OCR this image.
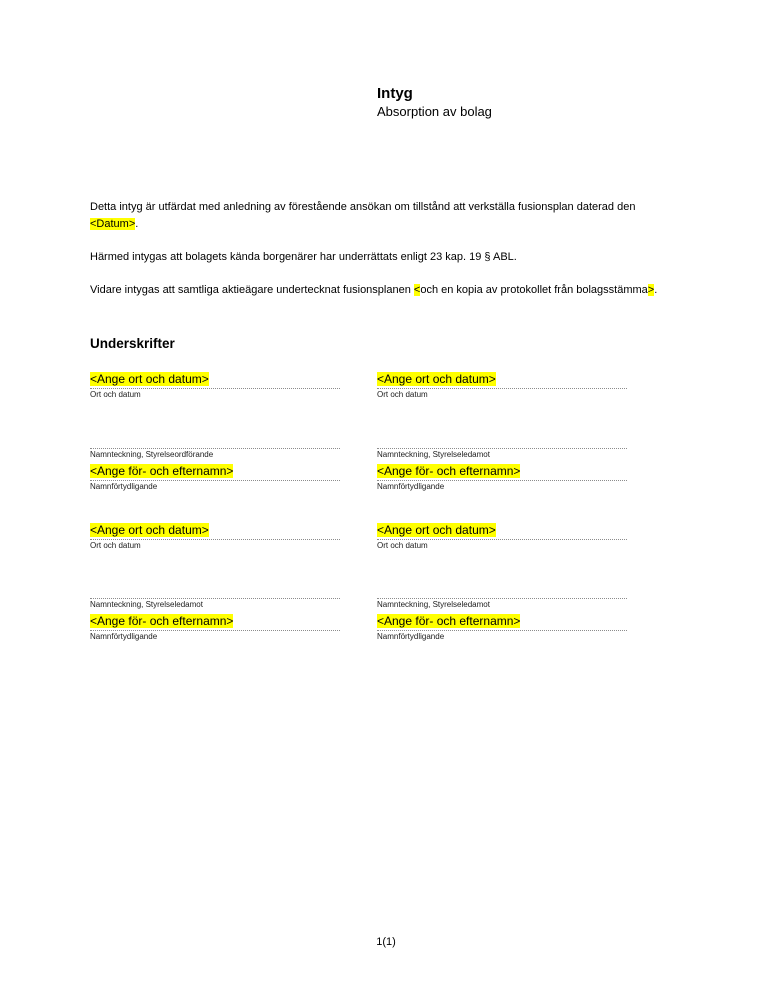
Intyg
Absorption av bolag
Detta intyg är utfärdat med anledning av förestående ansökan om tillstånd att verkställa fusionsplan daterad den <Datum>.
Härmed intygas att bolagets kända borgenärer har underrättats enligt 23 kap. 19 § ABL.
Vidare intygas att samtliga aktieägare undertecknat fusionsplanen <och en kopia av protokollet från bolagsstämma>.
Underskrifter
<Ange ort och datum>
Ort och datum
<Ange ort och datum>
Ort och datum
Namnteckning, Styrelseordförande
<Ange för- och efternamn>
Namnförtydligande
Namnteckning, Styrelseledamot
<Ange för- och efternamn>
Namnförtydligande
<Ange ort och datum>
Ort och datum
<Ange ort och datum>
Ort och datum
Namnteckning, Styrelseledamot
<Ange för- och efternamn>
Namnförtydligande
Namnteckning, Styrelseledamot
<Ange för- och efternamn>
Namnförtydligande
1(1)
